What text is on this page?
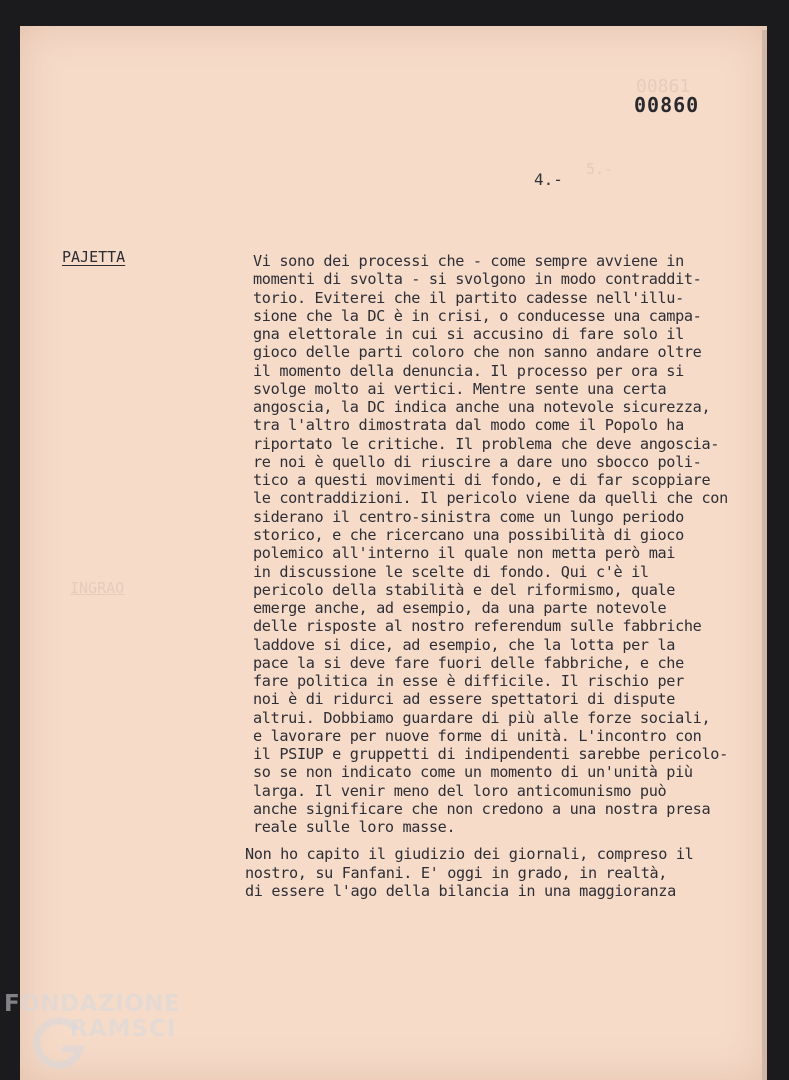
00861
5.-
INGRAO
00860
4.-
PAJETTA	Vi sono dei processi che - come sempre avviene in
momenti di svolta - si svolgono in modo contraddit-
torio. Eviterei che il partito cadesse nell'illu-
sione che la DC è in crisi, o conducesse una campa-
gna elettorale in cui si accusino di fare solo il
gioco delle parti coloro che non sanno andare oltre
il momento della denuncia. Il processo per ora si
svolge molto ai vertici. Mentre sente una certa
angoscia, la DC indica anche una notevole sicurezza,
tra l'altro dimostrata dal modo come il Popolo ha
riportato le critiche. Il problema che deve angoscia-
re noi è quello di riuscire a dare uno sbocco poli-
tico a questi movimenti di fondo, e di far scoppiare
le contraddizioni. Il pericolo viene da quelli che con
siderano il centro-sinistra come un lungo periodo
storico, e che ricercano una possibilità di gioco
polemico all'interno il quale non metta però mai
in discussione le scelte di fondo. Qui c'è il
pericolo della stabilità e del riformismo, quale
emerge anche, ad esempio, da una parte notevole
delle risposte al nostro referendum sulle fabbriche
laddove si dice, ad esempio, che la lotta per la
pace la si deve fare fuori delle fabbriche, e che
fare politica in esse è difficile. Il rischio per
noi è di ridurci ad essere spettatori di dispute
altrui. Dobbiamo guardare di più alle forze sociali,
e lavorare per nuove forme di unità. L'incontro con
il PSIUP e gruppetti di indipendenti sarebbe pericolo-
so se non indicato come un momento di un'unità più
larga. Il venir meno del loro anticomunismo può
anche significare che non credono a una nostra presa
reale sulle loro masse.
Non ho capito il giudizio dei giornali, compreso il
nostro, su Fanfani. E' oggi in grado, in realtà,
di essere l'ago della bilancia in una maggioranza
FONDAZIONE
RAMSCI
